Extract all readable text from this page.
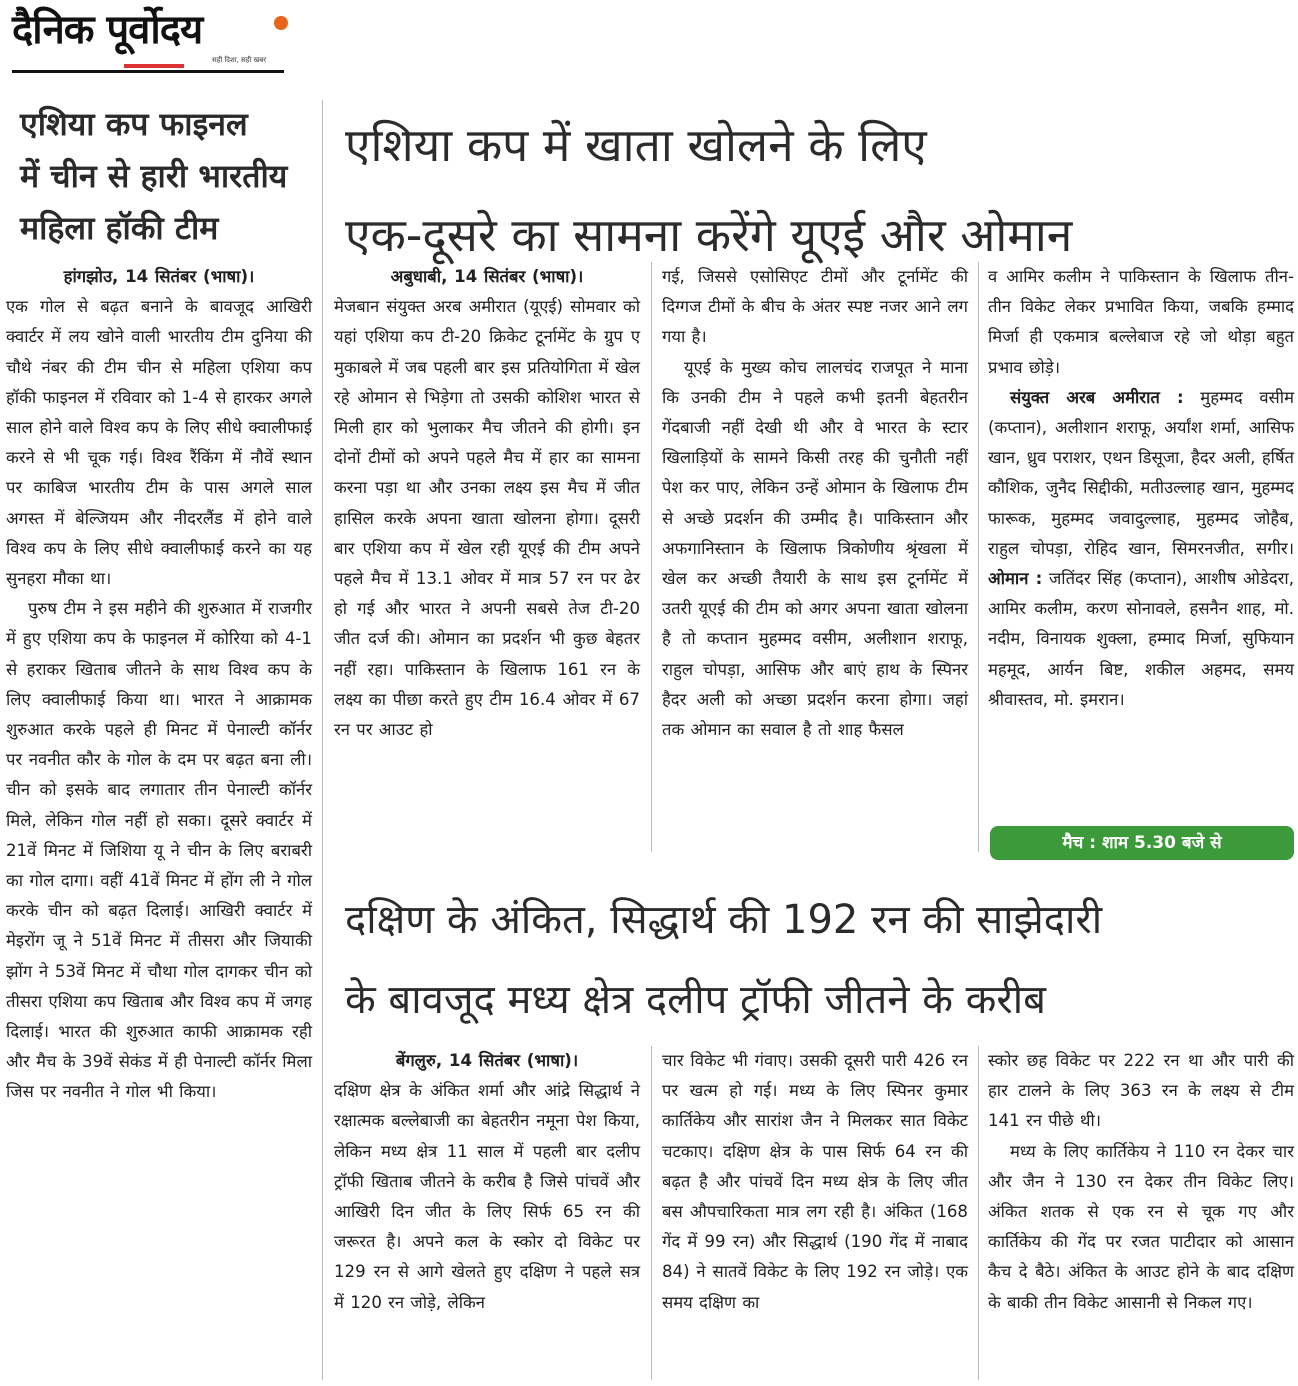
दैनिक पूर्वोदय
सही दिशा, सही खबर
एशिया कप फाइनल
में चीन से हारी भारतीय
महिला हॉकी टीम

हांगझोउ, 14 सितंबर (भाषा)।

एक गोल से बढ़त बनाने के बावजूद आखिरी क्वार्टर में लय खोने वाली भारतीय टीम दुनिया की चौथे नंबर की टीम चीन से महिला एशिया कप हॉकी फाइनल में रविवार को 1-4 से हारकर अगले साल होने वाले विश्व कप के लिए सीधे क्वालीफाई करने से भी चूक गई। विश्व रैंकिंग में नौवें स्थान पर काबिज भारतीय टीम के पास अगले साल अगस्त में बेल्जियम और नीदरलैंड में होने वाले विश्व कप के लिए सीधे क्वालीफाई करने का यह सुनहरा मौका था।

पुरुष टीम ने इस महीने की शुरुआत में राजगीर में हुए एशिया कप के फाइनल में कोरिया को 4-1 से हराकर खिताब जीतने के साथ विश्व कप के लिए क्वालीफाई किया था। भारत ने आक्रामक शुरुआत करके पहले ही मिनट में पेनाल्टी कॉर्नर पर नवनीत कौर के गोल के दम पर बढ़त बना ली। चीन को इसके बाद लगातार तीन पेनाल्टी कॉर्नर मिले, लेकिन गोल नहीं हो सका। दूसरे क्वार्टर में 21वें मिनट में जिशिया यू ने चीन के लिए बराबरी का गोल दागा। वहीं 41वें मिनट में होंग ली ने गोल करके चीन को बढ़त दिलाई। आखिरी क्वार्टर में मेइरोंग जू ने 51वें मिनट में तीसरा और जियाकी झोंग ने 53वें मिनट में चौथा गोल दागकर चीन को तीसरा एशिया कप खिताब और विश्व कप में जगह दिलाई। भारत की शुरुआत काफी आक्रामक रही और मैच के 39वें सेकंड में ही पेनाल्टी कॉर्नर मिला जिस पर नवनीत ने गोल भी किया।

एशिया कप में खाता खोलने के लिए
एक-दूसरे का सामना करेंगे यूएई और ओमान

अबुधाबी, 14 सितंबर (भाषा)।

मेजबान संयुक्त अरब अमीरात (यूएई) सोमवार को यहां एशिया कप टी-20 क्रिकेट टूर्नामेंट के ग्रुप ए मुकाबले में जब पहली बार इस प्रतियोगिता में खेल रहे ओमान से भिड़ेगा तो उसकी कोशिश भारत से मिली हार को भुलाकर मैच जीतने की होगी। इन दोनों टीमों को अपने पहले मैच में हार का सामना करना पड़ा था और उनका लक्ष्य इस मैच में जीत हासिल करके अपना खाता खोलना होगा। दूसरी बार एशिया कप में खेल रही यूएई की टीम अपने पहले मैच में 13.1 ओवर में मात्र 57 रन पर ढेर हो गई और भारत ने अपनी सबसे तेज टी-20 जीत दर्ज की। ओमान का प्रदर्शन भी कुछ बेहतर नहीं रहा। पाकिस्तान के खिलाफ 161 रन के लक्ष्य का पीछा करते हुए टीम 16.4 ओवर में 67 रन पर आउट हो

गई, जिससे एसोसिएट टीमों और टूर्नामेंट की दिग्गज टीमों के बीच के अंतर स्पष्ट नजर आने लग गया है।

यूएई के मुख्य कोच लालचंद राजपूत ने माना कि उनकी टीम ने पहले कभी इतनी बेहतरीन गेंदबाजी नहीं देखी थी और वे भारत के स्टार खिलाड़ियों के सामने किसी तरह की चुनौती नहीं पेश कर पाए, लेकिन उन्हें ओमान के खिलाफ टीम से अच्छे प्रदर्शन की उम्मीद है। पाकिस्तान और अफगानिस्तान के खिलाफ त्रिकोणीय श्रृंखला में खेल कर अच्छी तैयारी के साथ इस टूर्नामेंट में उतरी यूएई की टीम को अगर अपना खाता खोलना है तो कप्तान मुहम्मद वसीम, अलीशान शराफू, राहुल चोपड़ा, आसिफ और बाएं हाथ के स्पिनर हैदर अली को अच्छा प्रदर्शन करना होगा। जहां तक ओमान का सवाल है तो शाह फैसल

व आमिर कलीम ने पाकिस्तान के खिलाफ तीन-तीन विकेट लेकर प्रभावित किया, जबकि हम्माद मिर्जा ही एकमात्र बल्लेबाज रहे जो थोड़ा बहुत प्रभाव छोड़े।

संयुक्त अरब अमीरात : मुहम्मद वसीम (कप्तान), अलीशान शराफू, अर्यांश शर्मा, आसिफ खान, ध्रुव पराशर, एथन डिसूजा, हैदर अली, हर्षित कौशिक, जुनैद सिद्दीकी, मतीउल्लाह खान, मुहम्मद फारूक, मुहम्मद जवादुल्लाह, मुहम्मद जोहैब, राहुल चोपड़ा, रोहिद खान, सिमरनजीत, सगीर। ओमान : जतिंदर सिंह (कप्तान), आशीष ओडेदरा, आमिर कलीम, करण सोनावले, हसनैन शाह, मो. नदीम, विनायक शुक्ला, हम्माद मिर्जा, सुफियान महमूद, आर्यन बिष्ट, शकील अहमद, समय श्रीवास्तव, मो. इमरान।

मैच : शाम 5.30 बजे से
दक्षिण के अंकित, सिद्धार्थ की 192 रन की साझेदारी
के बावजूद मध्य क्षेत्र दलीप ट्रॉफी जीतने के करीब

बेंगलुरु, 14 सितंबर (भाषा)।

दक्षिण क्षेत्र के अंकित शर्मा और आंद्रे सिद्धार्थ ने रक्षात्मक बल्लेबाजी का बेहतरीन नमूना पेश किया, लेकिन मध्य क्षेत्र 11 साल में पहली बार दलीप ट्रॉफी खिताब जीतने के करीब है जिसे पांचवें और आखिरी दिन जीत के लिए सिर्फ 65 रन की जरूरत है। अपने कल के स्कोर दो विकेट पर 129 रन से आगे खेलते हुए दक्षिण ने पहले सत्र में 120 रन जोड़े, लेकिन

चार विकेट भी गंवाए। उसकी दूसरी पारी 426 रन पर खत्म हो गई। मध्य के लिए स्पिनर कुमार कार्तिकेय और सारांश जैन ने मिलकर सात विकेट चटकाए। दक्षिण क्षेत्र के पास सिर्फ 64 रन की बढ़त है और पांचवें दिन मध्य क्षेत्र के लिए जीत बस औपचारिकता मात्र लग रही है। अंकित (168 गेंद में 99 रन) और सिद्धार्थ (190 गेंद में नाबाद 84) ने सातवें विकेट के लिए 192 रन जोड़े। एक समय दक्षिण का

स्कोर छह विकेट पर 222 रन था और पारी की हार टालने के लिए 363 रन के लक्ष्य से टीम 141 रन पीछे थी।

मध्य के लिए कार्तिकेय ने 110 रन देकर चार और जैन ने 130 रन देकर तीन विकेट लिए। अंकित शतक से एक रन से चूक गए और कार्तिकेय की गेंद पर रजत पाटीदार को आसान कैच दे बैठे। अंकित के आउट होने के बाद दक्षिण के बाकी तीन विकेट आसानी से निकल गए।
